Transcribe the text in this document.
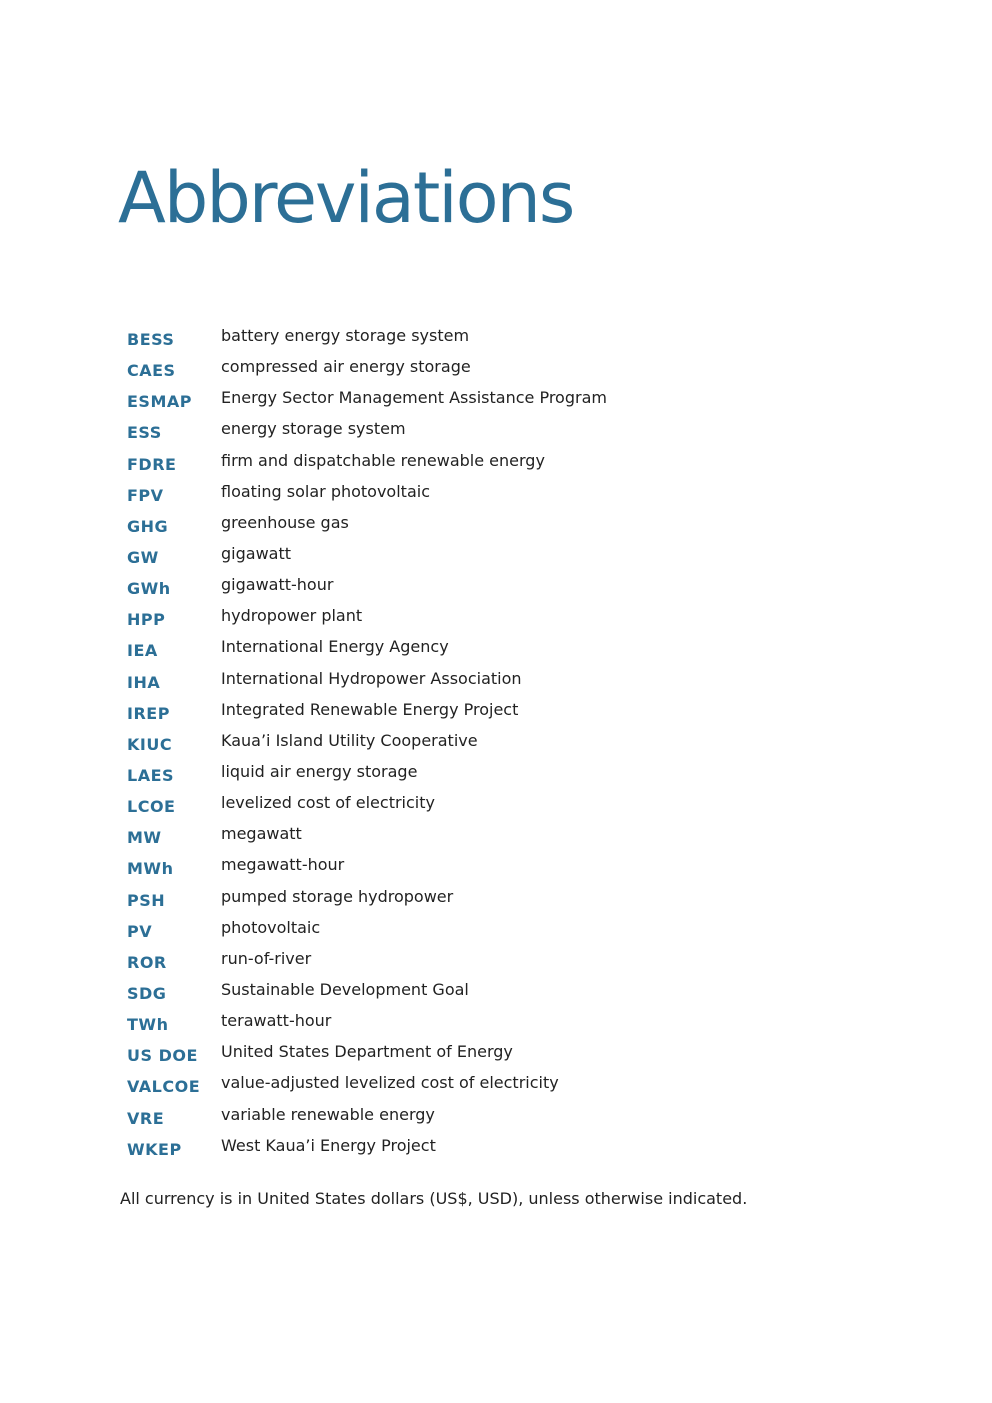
Abbreviations
BESS	battery energy storage system
CAES	compressed air energy storage
ESMAP	Energy Sector Management Assistance Program
ESS	energy storage system
FDRE	firm and dispatchable renewable energy
FPV	floating solar photovoltaic
GHG	greenhouse gas
GW	gigawatt
GWh	gigawatt-hour
HPP	hydropower plant
IEA	International Energy Agency
IHA	International Hydropower Association
IREP	Integrated Renewable Energy Project
KIUC	Kaua’i Island Utility Cooperative
LAES	liquid air energy storage
LCOE	levelized cost of electricity
MW	megawatt
MWh	megawatt-hour
PSH	pumped storage hydropower
PV	photovoltaic
ROR	run-of-river
SDG	Sustainable Development Goal
TWh	terawatt-hour
US DOE	United States Department of Energy
VALCOE	value-adjusted levelized cost of electricity
VRE	variable renewable energy
WKEP	West Kaua’i Energy Project

All currency is in United States dollars (US$, USD), unless otherwise indicated.
